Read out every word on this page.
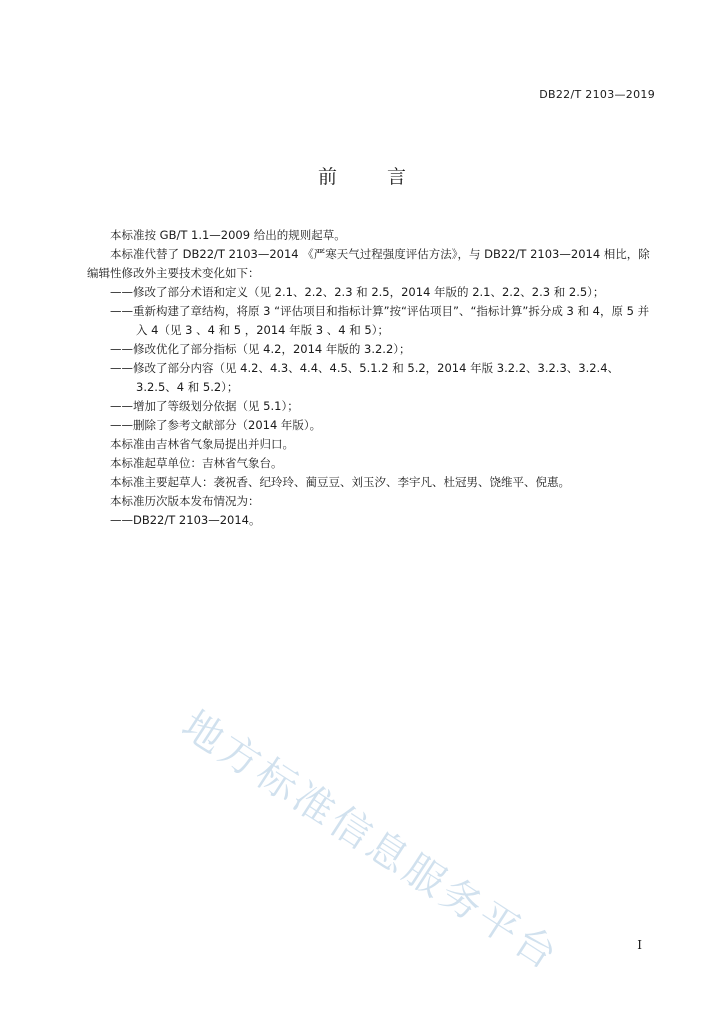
DB22/T 2103—2019
前	言

本标准按 GB/T 1.1—2009 给出的规则起草。

本标准代替了 DB22/T 2103—2014 《严寒天气过程强度评估方法》，与 DB22/T 2103—2014 相比，除编辑性修改外主要技术变化如下：

——修改了部分术语和定义（见 2.1、2.2、2.3 和 2.5，2014 年版的 2.1、2.2、2.3 和 2.5）；

——重新构建了章结构，将原 3 “评估项目和指标计算”按“评估项目”、“指标计算”拆分成 3 和 4，原 5 并入 4（见 3 、4 和 5 ，2014 年版 3 、4 和 5）；

——修改优化了部分指标（见 4.2，2014 年版的 3.2.2）；

——修改了部分内容（见 4.2、4.3、4.4、4.5、5.1.2 和 5.2，2014 年版 3.2.2、3.2.3、3.2.4、3.2.5、4 和 5.2）；

——增加了等级划分依据（见 5.1）；

——删除了参考文献部分（2014 年版）。

本标准由吉林省气象局提出并归口。

本标准起草单位：吉林省气象台。

本标准主要起草人：袭祝香、纪玲玲、蔺豆豆、刘玉汐、李宇凡、杜冠男、饶维平、倪惠。

本标准历次版本发布情况为：

——DB22/T 2103—2014。

地方标准信息服务平台	I
